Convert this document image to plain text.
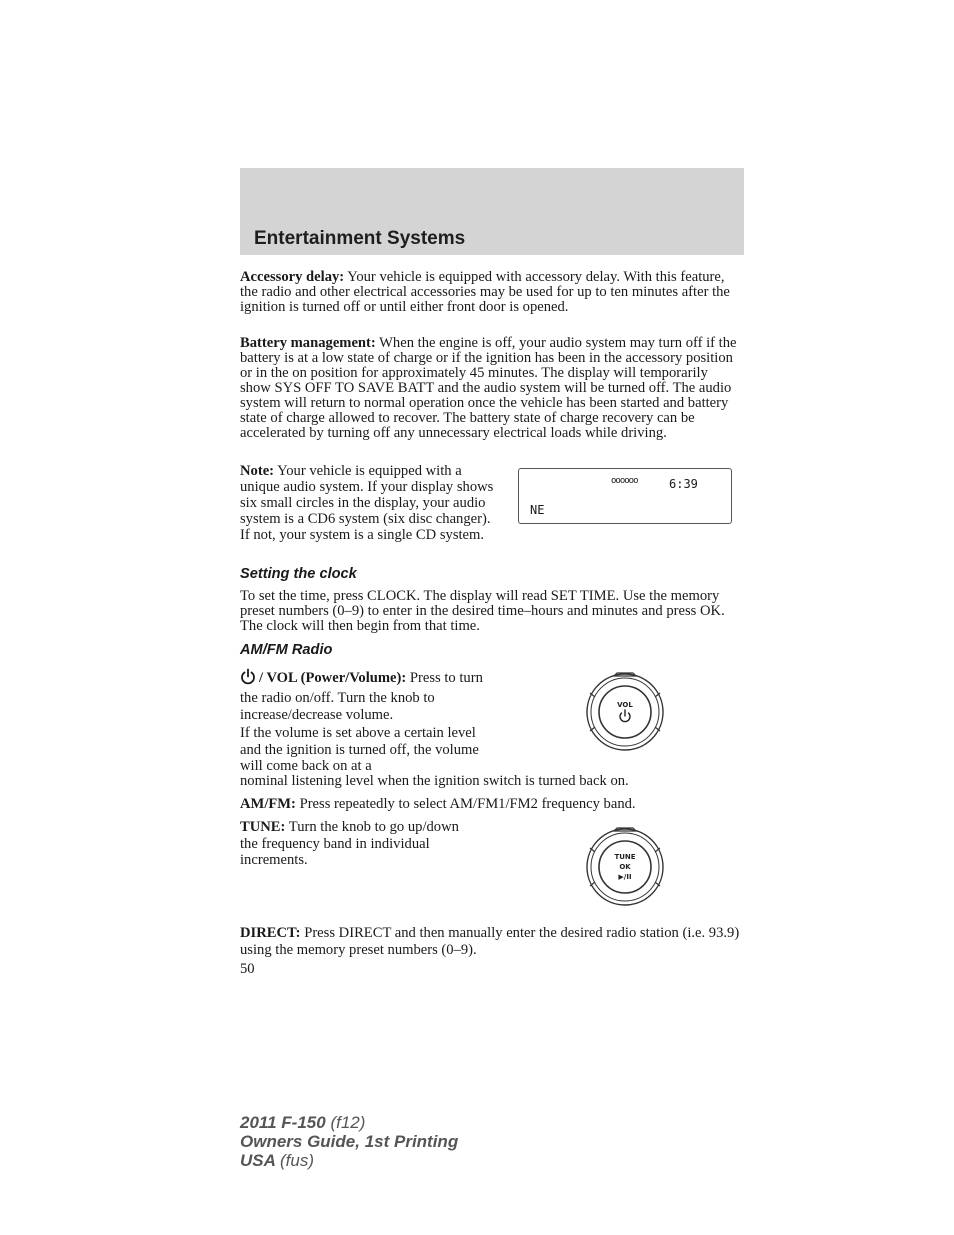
Entertainment Systems

Accessory delay: Your vehicle is equipped with accessory delay. With this feature, the radio and other electrical accessories may be used for up to ten minutes after the ignition is turned off or until either front door is opened.

Battery management: When the engine is off, your audio system may turn off if the battery is at a low state of charge or if the ignition has been in the accessory position or in the on position for approximately 45 minutes. The display will temporarily show SYS OFF TO SAVE BATT and the audio system will be turned off. The audio system will return to normal operation once the vehicle has been started and battery state of charge allowed to recover. The battery state of charge recovery can be accelerated by turning off any unnecessary electrical loads while driving.

Note: Your vehicle is equipped with a unique audio system. If your display shows six small circles in the display, your audio system is a CD6 system (six disc changer). If not, your system is a single CD system.

oooooo	6:39
NE
Setting the clock

To set the time, press CLOCK. The display will read SET TIME. Use the memory preset numbers (0–9) to enter in the desired time–hours and minutes and press OK. The clock will then begin from that time.

AM/FM Radio

/ VOL (Power/Volume): Press to turn the radio on/off. Turn the knob to increase/decrease volume.

If the volume is set above a certain level and the ignition is turned off, the volume will come back on at a

nominal listening level when the ignition switch is turned back on.

VOL

AM/FM: Press repeatedly to select AM/FM1/FM2 frequency band.

TUNE: Turn the knob to go up/down the frequency band in individual increments.	TUNE
OK
▶/II

DIRECT: Press DIRECT and then manually enter the desired radio station (i.e. 93.9) using the memory preset numbers (0–9).

50

2011 F-150 (f12)
Owners Guide, 1st Printing
USA (fus)
